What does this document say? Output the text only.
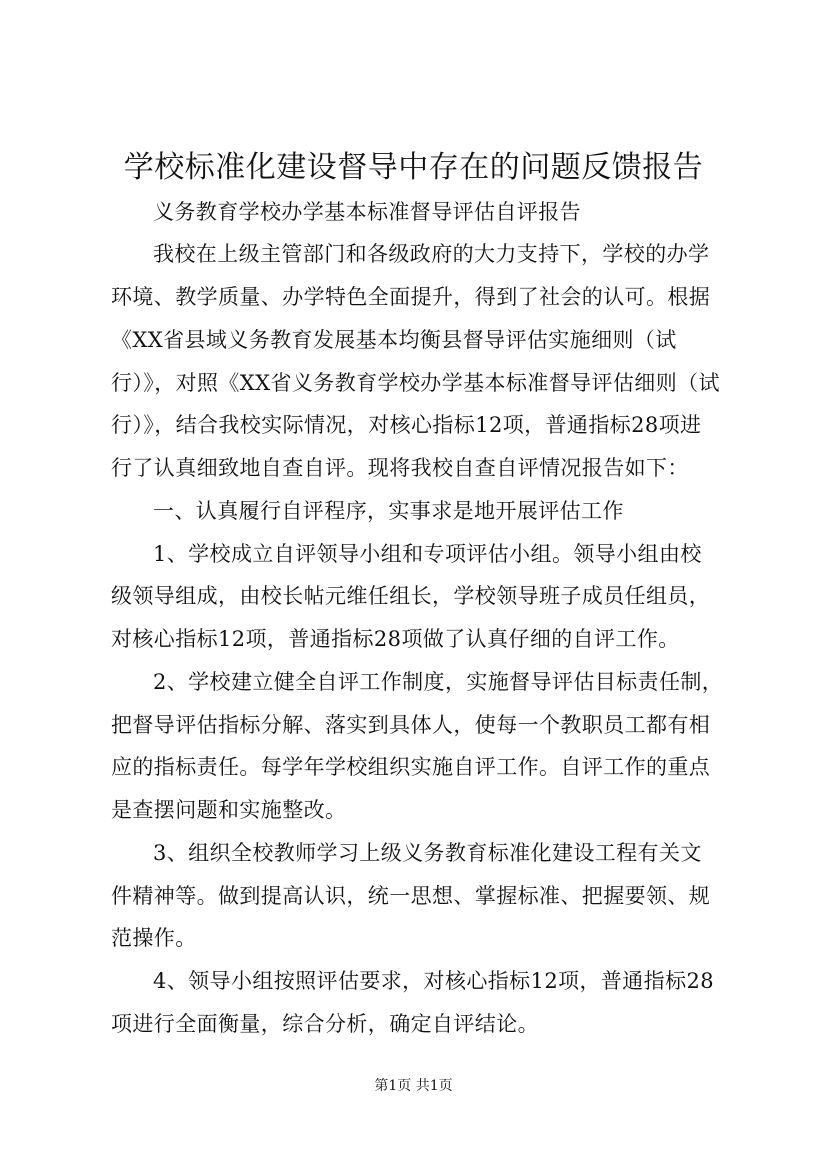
学校标准化建设督导中存在的问题反馈报告
义务教育学校办学基本标准督导评估自评报告
我校在上级主管部门和各级政府的大力支持下，学校的办学
环境、教学质量、办学特色全面提升，得到了社会的认可。根据
《XX省县域义务教育发展基本均衡县督导评估实施细则（试
行）》，对照《XX省义务教育学校办学基本标准督导评估细则（试
行）》，结合我校实际情况，对核心指标12项，普通指标28项进
行了认真细致地自查自评。现将我校自查自评情况报告如下：
一、认真履行自评程序，实事求是地开展评估工作
1、学校成立自评领导小组和专项评估小组。领导小组由校
级领导组成，由校长帖元维任组长，学校领导班子成员任组员，
对核心指标12项，普通指标28项做了认真仔细的自评工作。
2、学校建立健全自评工作制度，实施督导评估目标责任制，
把督导评估指标分解、落实到具体人，使每一个教职员工都有相
应的指标责任。每学年学校组织实施自评工作。自评工作的重点
是查摆问题和实施整改。
3、组织全校教师学习上级义务教育标准化建设工程有关文
件精神等。做到提高认识，统一思想、掌握标准、把握要领、规
范操作。
4、领导小组按照评估要求，对核心指标12项，普通指标28
项进行全面衡量，综合分析，确定自评结论。
第1页 共1页
